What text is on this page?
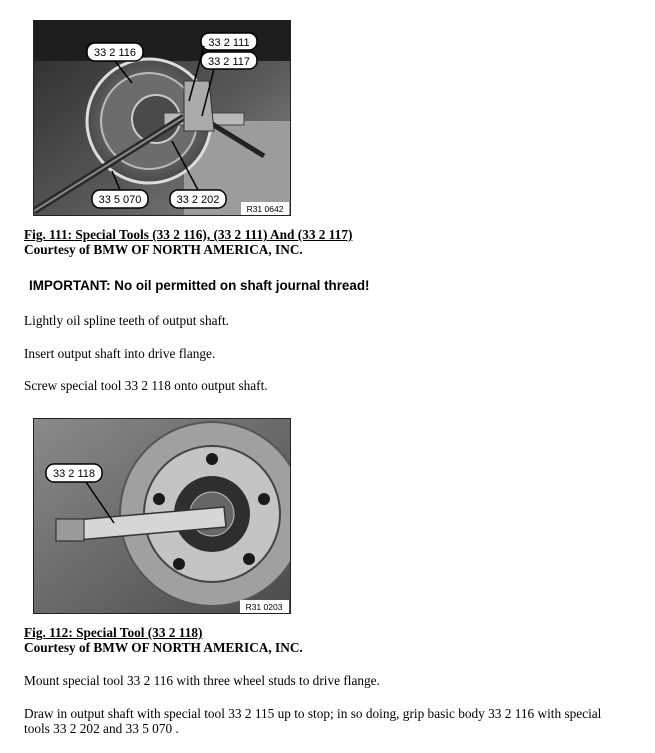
33 2 116
33 2 111
33 2 117
33 5 070	33 2 202
R31 0642
Fig. 111: Special Tools (33 2 116), (33 2 111) And (33 2 117)
Courtesy of BMW OF NORTH AMERICA, INC.
IMPORTANT: No oil permitted on shaft journal thread!
Lightly oil spline teeth of output shaft.
Insert output shaft into drive flange.
Screw special tool 33 2 118 onto output shaft.
33 2 118
R31 0203
Fig. 112: Special Tool (33 2 118)
Courtesy of BMW OF NORTH AMERICA, INC.
Mount special tool 33 2 116 with three wheel studs to drive flange.
Draw in output shaft with special tool 33 2 115 up to stop; in so doing, grip basic body 33 2 116 with special
tools 33 2 202 and 33 5 070 .
